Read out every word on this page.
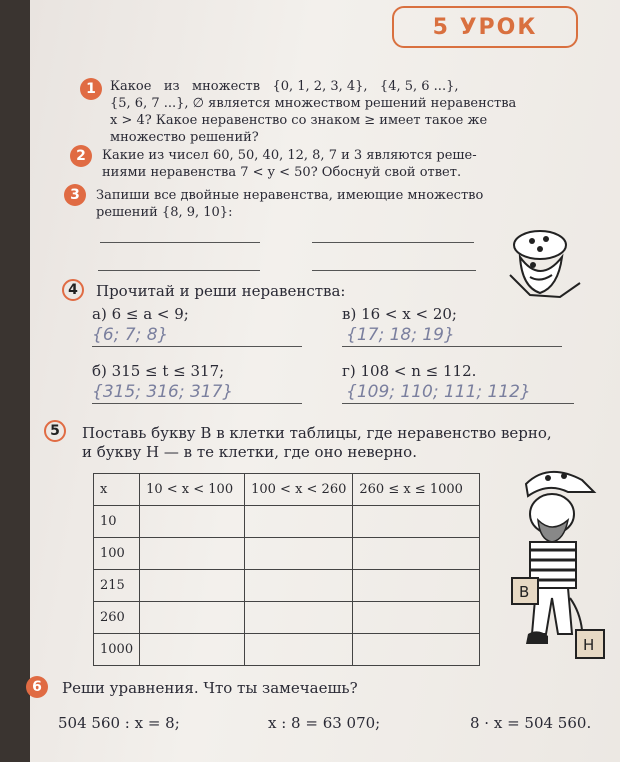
5 УРОК
1	Какое   из   множеств   {0, 1, 2, 3, 4},   {4, 5, 6 ...},
{5, 6, 7 ...}, ∅ является множеством решений неравенства
x > 4? Какое неравенство со знаком ≥ имеет такое же
множество решений?
2	Какие из чисел 60, 50, 40, 12, 8, 7 и 3 являются реше-
ниями неравенства 7 < y < 50? Обоснуй свой ответ.
3	Запиши все двойные неравенства, имеющие множество
решений {8, 9, 10}:
4	Прочитай и реши неравенства:
а) 6 ≤ a < 9;
{6; 7; 8}
в) 16 < x < 20;
{17; 18; 19}
б) 315 ≤ t ≤ 317;
{315; 316; 317}
г) 108 < n ≤ 112.
{109; 110; 111; 112}
5	Поставь букву В в клетки таблицы, где неравенство верно,
и букву Н — в те клетки, где оно неверно.
x	10 < x < 100	100 < x < 260	260 ≤ x ≤ 1000
10			
100			
215			
260			
1000			
В
Н
6	Реши уравнения. Что ты замечаешь?
504 560 : x = 8;	x : 8 = 63 070;	8 · x = 504 560.
